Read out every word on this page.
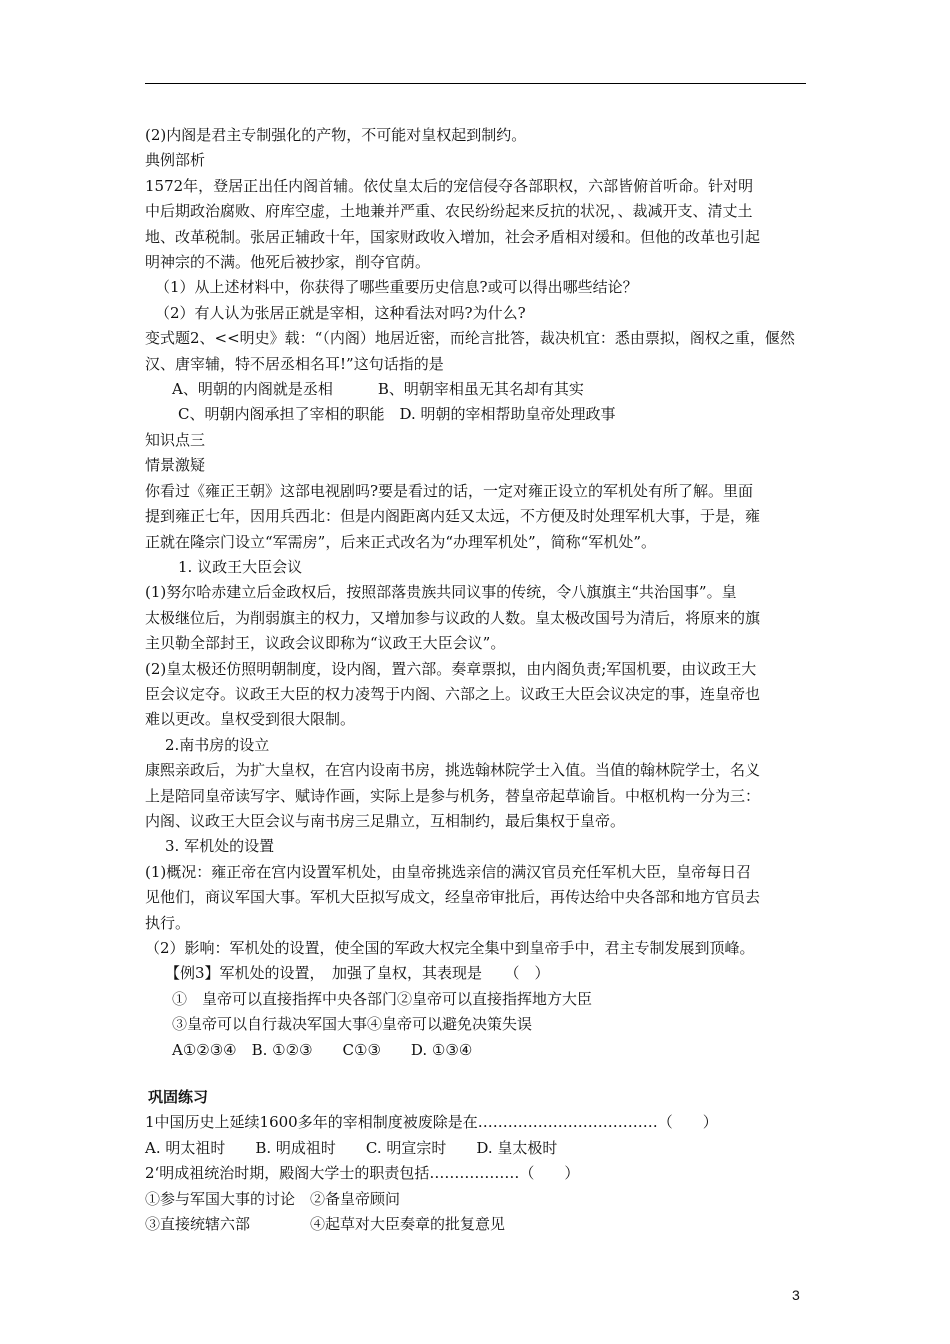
(2)内阁是君主专制强化的产物，不可能对皇权起到制约。

典例部析

1572年，登居正出任内阁首辅。依仗皇太后的宠信侵夺各部职权，六部皆俯首听命。针对明

中后期政治腐败、府库空虚，土地兼并严重、农民纷纷起来反抗的状况，、裁减开支、清丈土

地、改革税制。张居正辅政十年，国家财政收入增加，社会矛盾相对缓和。但他的改革也引起

明神宗的不满。他死后被抄家，削夺官荫。

（1）从上述材料中，你获得了哪些重要历史信息?或可以得出哪些结论？

（2）有人认为张居正就是宰相，这种看法对吗?为什么?

变式题2、<<明史》载：“（内阁）地居近密，而纶言批答，裁决机宜：悉由票拟，阁权之重，偃然

汉、唐宰辅，特不居丞相名耳!”这句话指的是

A、明朝的内阁就是丞相　　　B、明朝宰相虽无其名却有其实

C、明朝内阁承担了宰相的职能　D. 明朝的宰相帮助皇帝处理政事

知识点三

情景激疑

你看过《雍正王朝》这部电视剧吗?要是看过的话，一定对雍正设立的军机处有所了解。里面

提到雍正七年，因用兵西北：但是内阁距离内廷又太远，不方便及时处理军机大事，于是，雍

正就在隆宗门设立“军需房”，后来正式改名为“办理军机处”，简称“军机处”。

1. 议政王大臣会议

(1)努尔哈赤建立后金政权后，按照部落贵族共同议事的传统，令八旗旗主“共治国事”。皇

太极继位后，为削弱旗主的权力，又增加参与议政的人数。皇太极改国号为清后，将原来的旗

主贝勒全部封王，议政会议即称为“议政王大臣会议”。

(2)皇太极还仿照明朝制度，设内阁，置六部。奏章票拟，由内阁负责;军国机要，由议政王大

臣会议定夺。议政王大臣的权力凌驾于内阁、六部之上。议政王大臣会议决定的事，连皇帝也

难以更改。皇权受到很大限制。

2.南书房的设立

康熙亲政后，为扩大皇权，在宫内设南书房，挑选翰林院学士入值。当值的翰林院学士，名义

上是陪同皇帝读写字、赋诗作画，实际上是参与机务，替皇帝起草谕旨。中枢机构一分为三：

内阁、议政王大臣会议与南书房三足鼎立，互相制约，最后集权于皇帝。

3. 军机处的设置

(1)概况：雍正帝在宫内设置军机处，由皇帝挑选亲信的满汉官员充任军机大臣，皇帝每日召

见他们，商议军国大事。军机大臣拟写成文，经皇帝审批后，再传达给中央各部和地方官员去

执行。

（2）影响：军机处的设置，使全国的军政大权完全集中到皇帝手中，君主专制发展到顶峰。

【例3】军机处的设置，　加强了皇权，其表现是　　（　）

①　皇帝可以直接指挥中央各部门②皇帝可以直接指挥地方大臣

③皇帝可以自行裁决军国大事④皇帝可以避免决策失误

A①②③④　B. ①②③　　C①③　　D. ①③④

巩固练习

1中国历史上延续1600多年的宰相制度被废除是在………………………………（　　）

A. 明太祖时　　B. 明成祖时　　C. 明宣宗时　　D. 皇太极时

2‘明成祖统治时期，殿阁大学士的职责包括………………（　　）

①参与军国大事的讨论　②备皇帝顾问

③直接统辖六部　　　　④起草对大臣奏章的批复意见

3
